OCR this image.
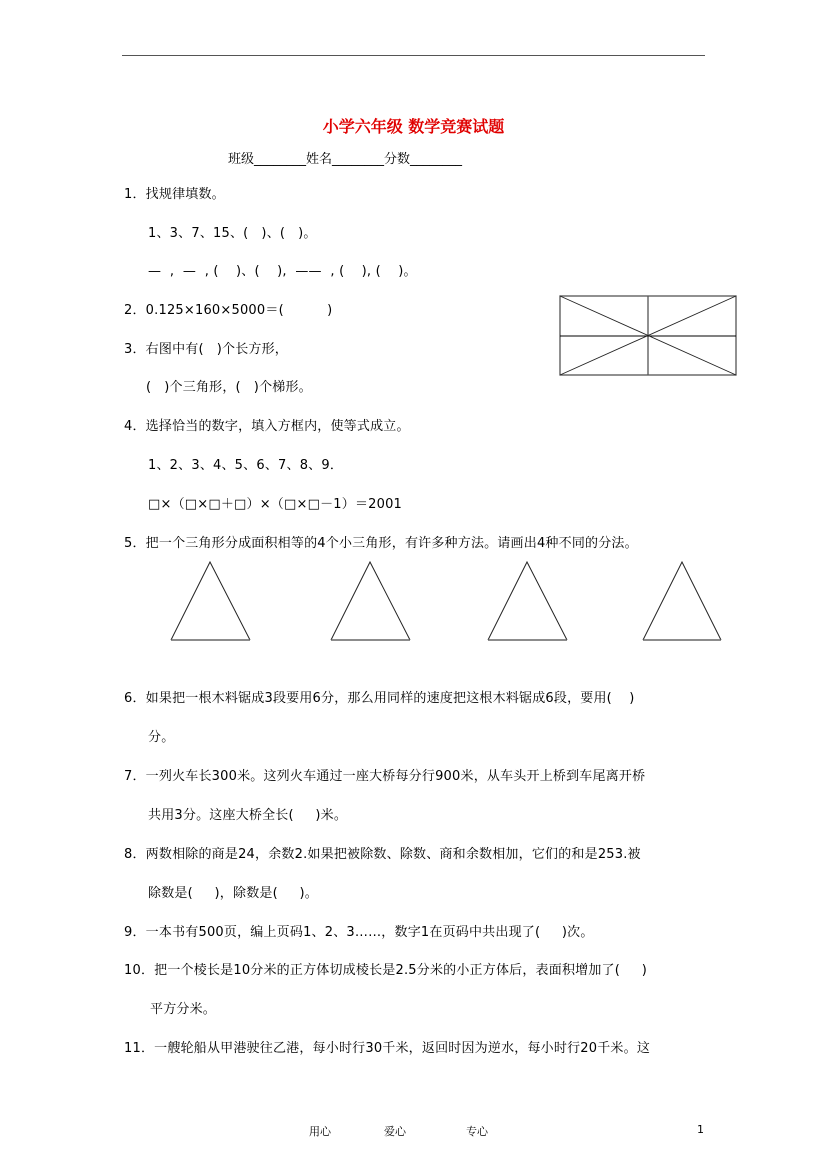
小学六年级 数学竞赛试题
班级________姓名________分数________
1．找规律填数。
1、3、7、15、(   )、(   )。
—  ,  —  , (    )、(    ),  ——  , (    ), (    )。
2．0.125×160×5000＝(          )
3．右图中有(   )个长方形，
(   )个三角形，(   )个梯形。
4．选择恰当的数字，填入方框内，使等式成立。
1、2、3、4、5、6、7、8、9．
□×（□×□＋□）×（□×□－1）＝2001
5．把一个三角形分成面积相等的4个小三角形，有许多种方法。请画出4种不同的分法。
6．如果把一根木料锯成3段要用6分，那么用同样的速度把这根木料锯成6段，要用(    )
分。
7．一列火车长300米。这列火车通过一座大桥每分行900米，从车头开上桥到车尾离开桥
共用3分。这座大桥全长(     )米。
8．两数相除的商是24，余数2.如果把被除数、除数、商和余数相加，它们的和是253.被
除数是(     )，除数是(     )。
9．一本书有500页，编上页码1、2、3……，数字1在页码中共出现了(     )次。
10．把一个棱长是10分米的正方体切成棱长是2.5分米的小正方体后，表面积增加了(     )
平方分米。
11．一艘轮船从甲港驶往乙港，每小时行30千米，返回时因为逆水，每小时行20千米。这
用心	爱心	专心	1
